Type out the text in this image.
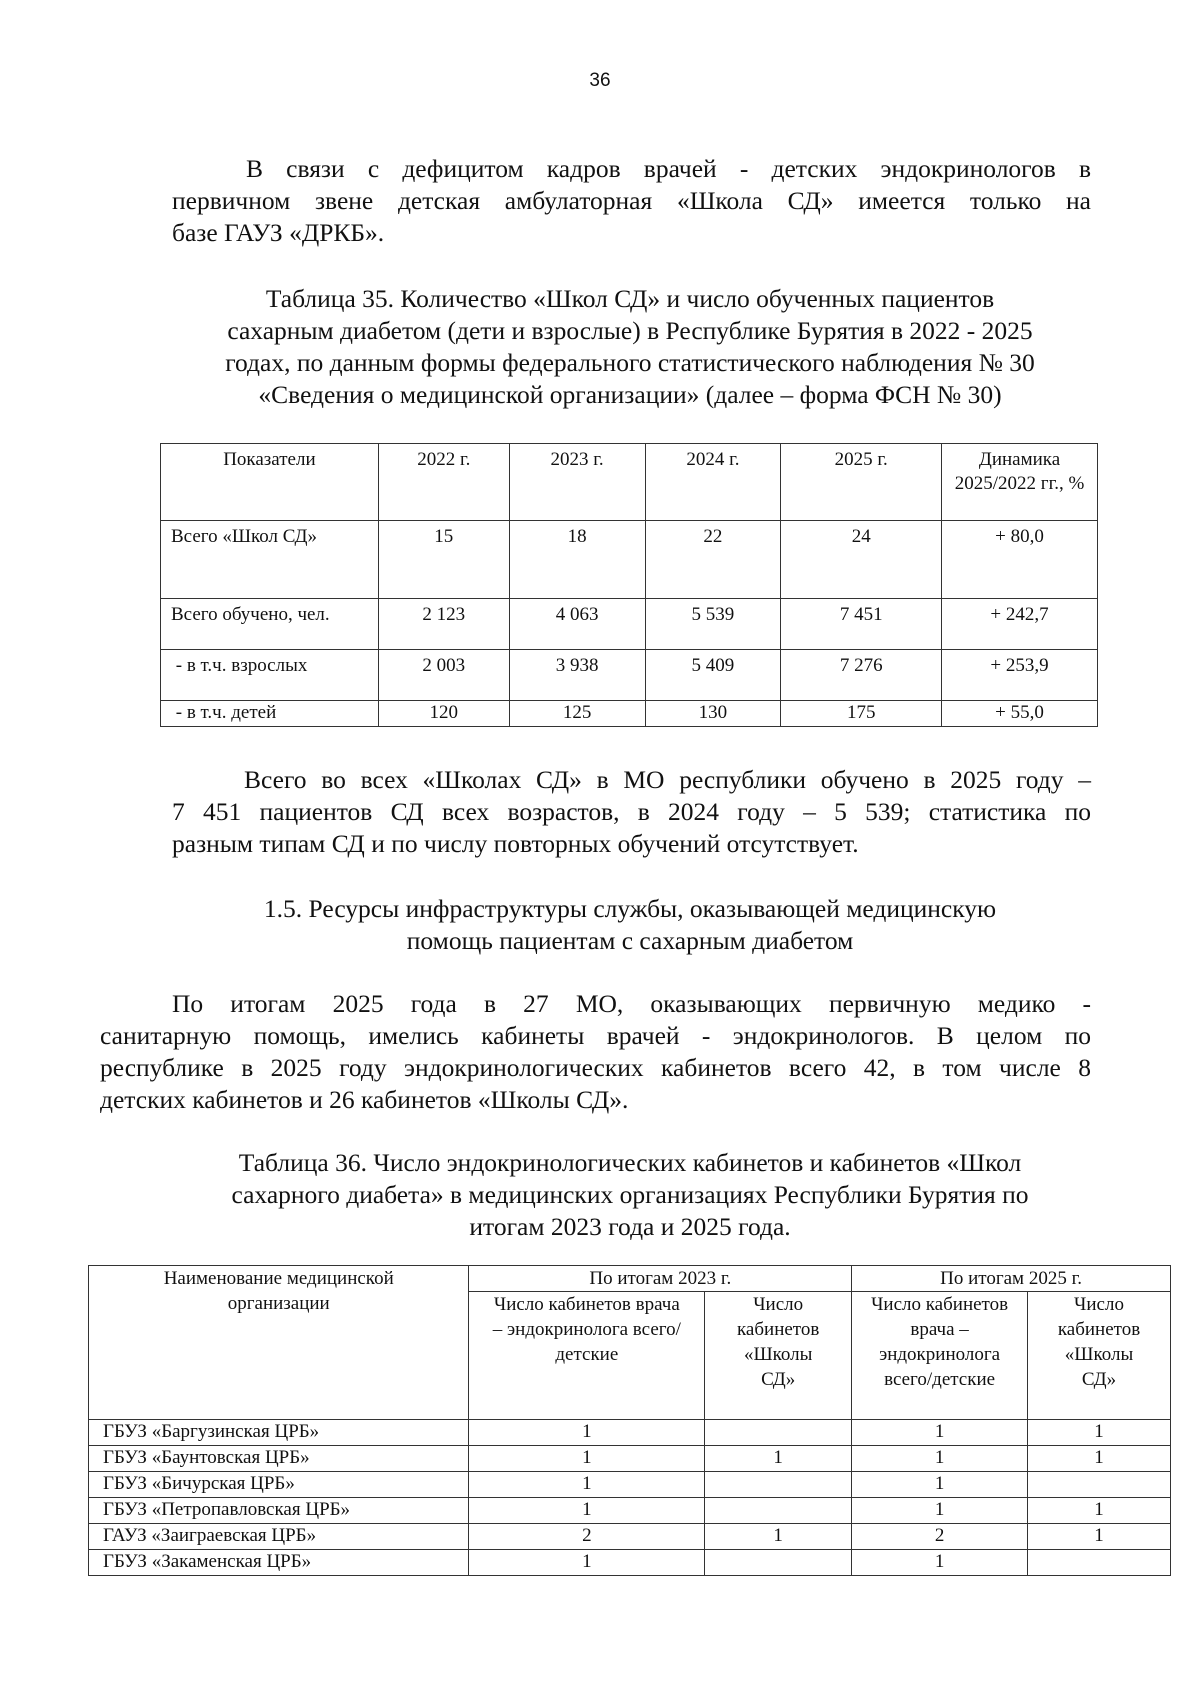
36
В связи с дефицитом кадров врачей - детских эндокринологов в
первичном звене детская амбулаторная «Школа СД» имеется только на
базе ГАУЗ «ДРКБ».
Таблица 35. Количество «Школ СД» и число обученных пациентов
сахарным диабетом (дети и взрослые) в Республике Бурятия в 2022 - 2025
годах, по данным формы федерального статистического наблюдения № 30
«Сведения о медицинской организации» (далее – форма ФСН № 30)
Показатели	2022 г.	2023 г.	2024 г.	2025 г.	Динамика 2025/2022 гг., %
Всего «Школ СД»	15	18	22	24	+ 80,0
Всего обучено, чел.	2 123	4 063	5 539	7 451	+ 242,7
- в т.ч. взрослых	2 003	3 938	5 409	7 276	+ 253,9
- в т.ч. детей	120	125	130	175	+ 55,0
Всего во всех «Школах СД» в МО республики обучено в 2025 году –
7 451 пациентов СД всех возрастов, в 2024 году – 5 539; статистика по
разным типам СД и по числу повторных обучений отсутствует.
1.5. Ресурсы инфраструктуры службы, оказывающей медицинскую
помощь пациентам с сахарным диабетом
По итогам 2025 года в 27 МО, оказывающих первичную медико -
санитарную помощь, имелись кабинеты врачей - эндокринологов. В целом по
республике в 2025 году эндокринологических кабинетов всего 42, в том числе 8
детских кабинетов и 26 кабинетов «Школы СД».
Таблица 36. Число эндокринологических кабинетов и кабинетов «Школ
сахарного диабета» в медицинских организациях Республики Бурятия по
итогам 2023 года и 2025 года.
Наименование медицинской организации	По итогам 2023 г.		По итогам 2025 г.	
	Число кабинетов врача – эндокринолога всего/детские	Число кабинетов «Школы СД»	Число кабинетов врача – эндокринолога всего/детские	Число кабинетов «Школы СД»
ГБУЗ «Баргузинская ЦРБ»	1		1	1
ГБУЗ «Баунтовская ЦРБ»	1	1	1	1
ГБУЗ «Бичурская ЦРБ»	1		1	
ГБУЗ «Петропавловская ЦРБ»	1		1	1
ГАУЗ «Заиграевская ЦРБ»	2	1	2	1
ГБУЗ «Закаменская ЦРБ»	1		1	
